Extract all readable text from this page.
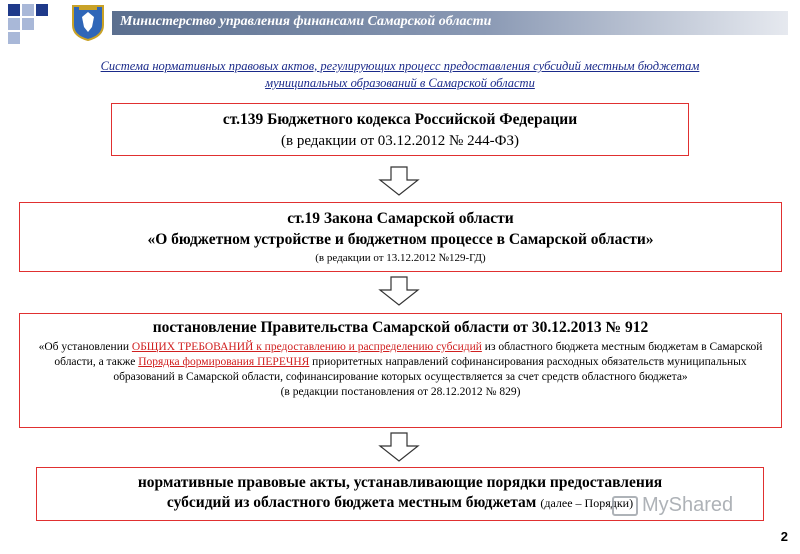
Министерство управления финансами Самарской области
Система нормативных правовых актов, регулирующих процесс предоставления субсидий местным бюджетам
муниципальных образований в Самарской области
ст.139 Бюджетного кодекса Российской Федерации
(в редакции от 03.12.2012 № 244-ФЗ)
ст.19 Закона Самарской области
«О бюджетном устройстве и бюджетном процессе в Самарской области»
(в редакции от 13.12.2012 №129-ГД)
постановление Правительства Самарской области от 30.12.2013 № 912
«Об установлении ОБЩИХ ТРЕБОВАНИЙ к предоставлению и распределению субсидий из областного бюджета местным бюджетам в Самарской области, а также Порядка формирования ПЕРЕЧНЯ приоритетных направлений софинансирования расходных обязательств муниципальных образований в Самарской области, софинансирование которых осуществляется за счет средств областного бюджета»
(в редакции постановления от 28.12.2012 № 829)
нормативные правовые акты, устанавливающие порядки предоставления
субсидий из областного бюджета местным бюджетам (далее – Порядки) MyShared
2
